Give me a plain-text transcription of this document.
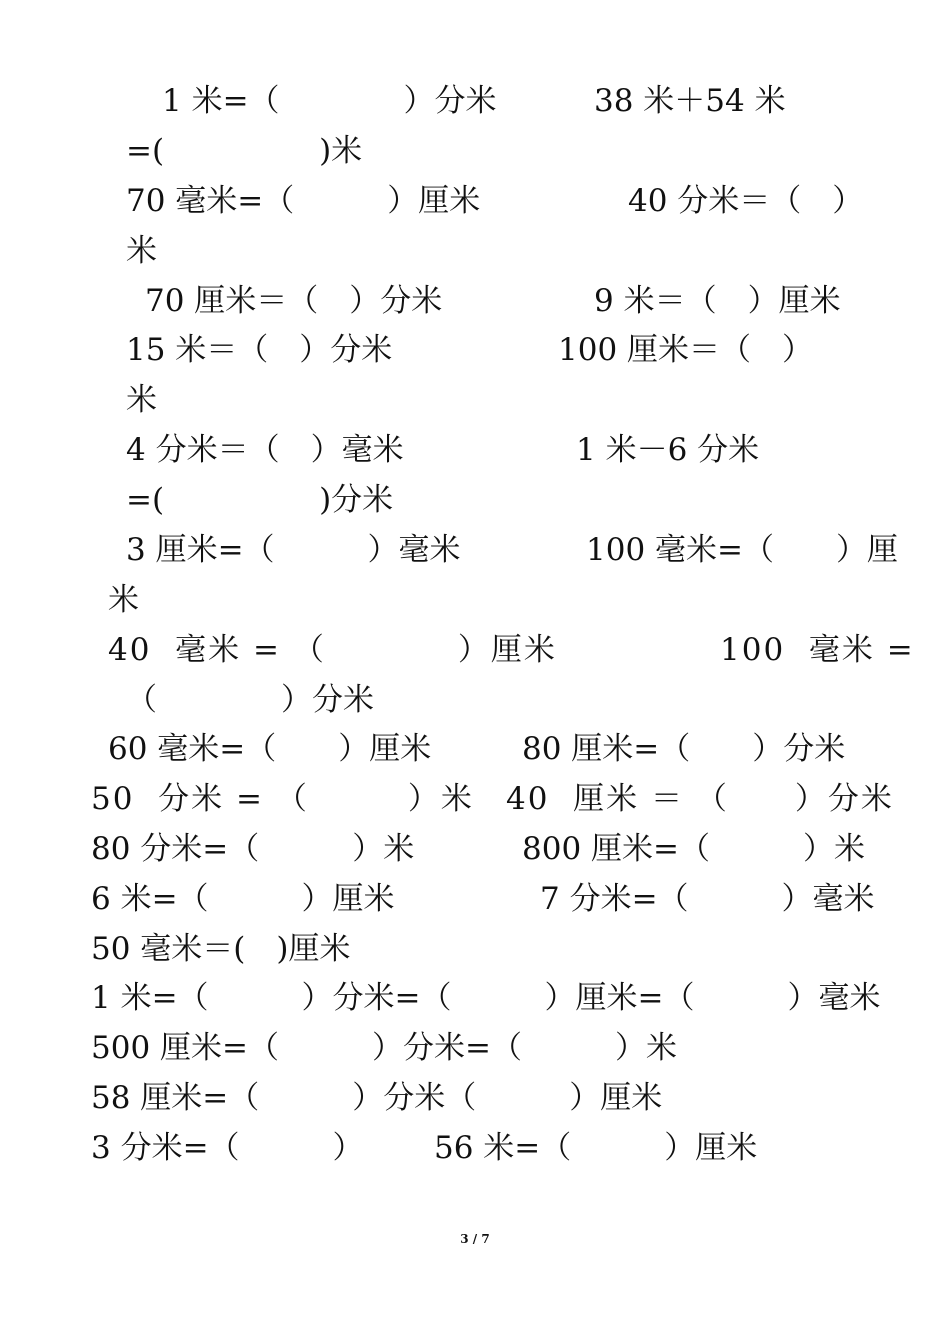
1 米=（　　　　）分米	38 米＋54 米
=(　　　　　)米
70 毫米=（　　　）厘米	40 分米＝（　）
米
70 厘米＝（　）分米	9 米＝（　）厘米
15 米＝（　）分米	100 厘米＝（　）
米
4 分米＝（　）毫米	1 米－6 分米
=(　　　　　)分米
3 厘米=（　　　）毫米	100 毫米=（　　）厘
米
40  毫米 = （　　　　）厘米	100  毫米 =
（　　　　）分米
60 毫米=（　　）厘米	80 厘米=（　　）分米
50  分米 = （　　　）米 40  厘米 ＝ （　　）分米
80 分米=（　　　）米	800 厘米=（　　　）米
6 米=（　　　）厘米	7 分米=（　　　）毫米
50 毫米＝(　)厘米
1 米=（　　　）分米=（　　　）厘米=（　　　）毫米
500 厘米=（　　　）分米=（　　　）米
58 厘米=（　　　）分米（　　　）厘米
3 分米=（　　　） 56 米=（　　　）厘米
3 / 7
